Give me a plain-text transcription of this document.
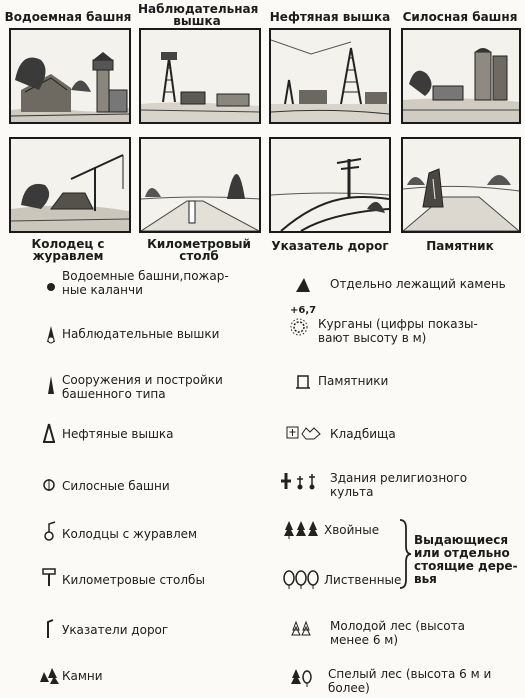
Водоемная башня
Наблюдательная
вышка	Нефтяная вышка	Силосная башня
Колодец с журавлем
Километровый
столб
Указатель дорог	Памятник
Водоемные башни,пожар-
ные каланчи
Наблюдательные вышки
Сооружения и постройки
башенного типа
Нефтяные вышка
Силосные башни
Колодцы с журавлем
Километровые столбы
Указатели дорог
Камни
Отдельно лежащий камень
+6,7
Курганы (цифры показы-
вают высоту в м)
Памятники
Кладбища
Здания религиозного
культа
Хвойные
Лиственные
Выдающиеся
или отдельно
стоящие дере-
вья
Молодой лес (высота
менее 6 м)
Спелый лес (высота 6 м и
более)
